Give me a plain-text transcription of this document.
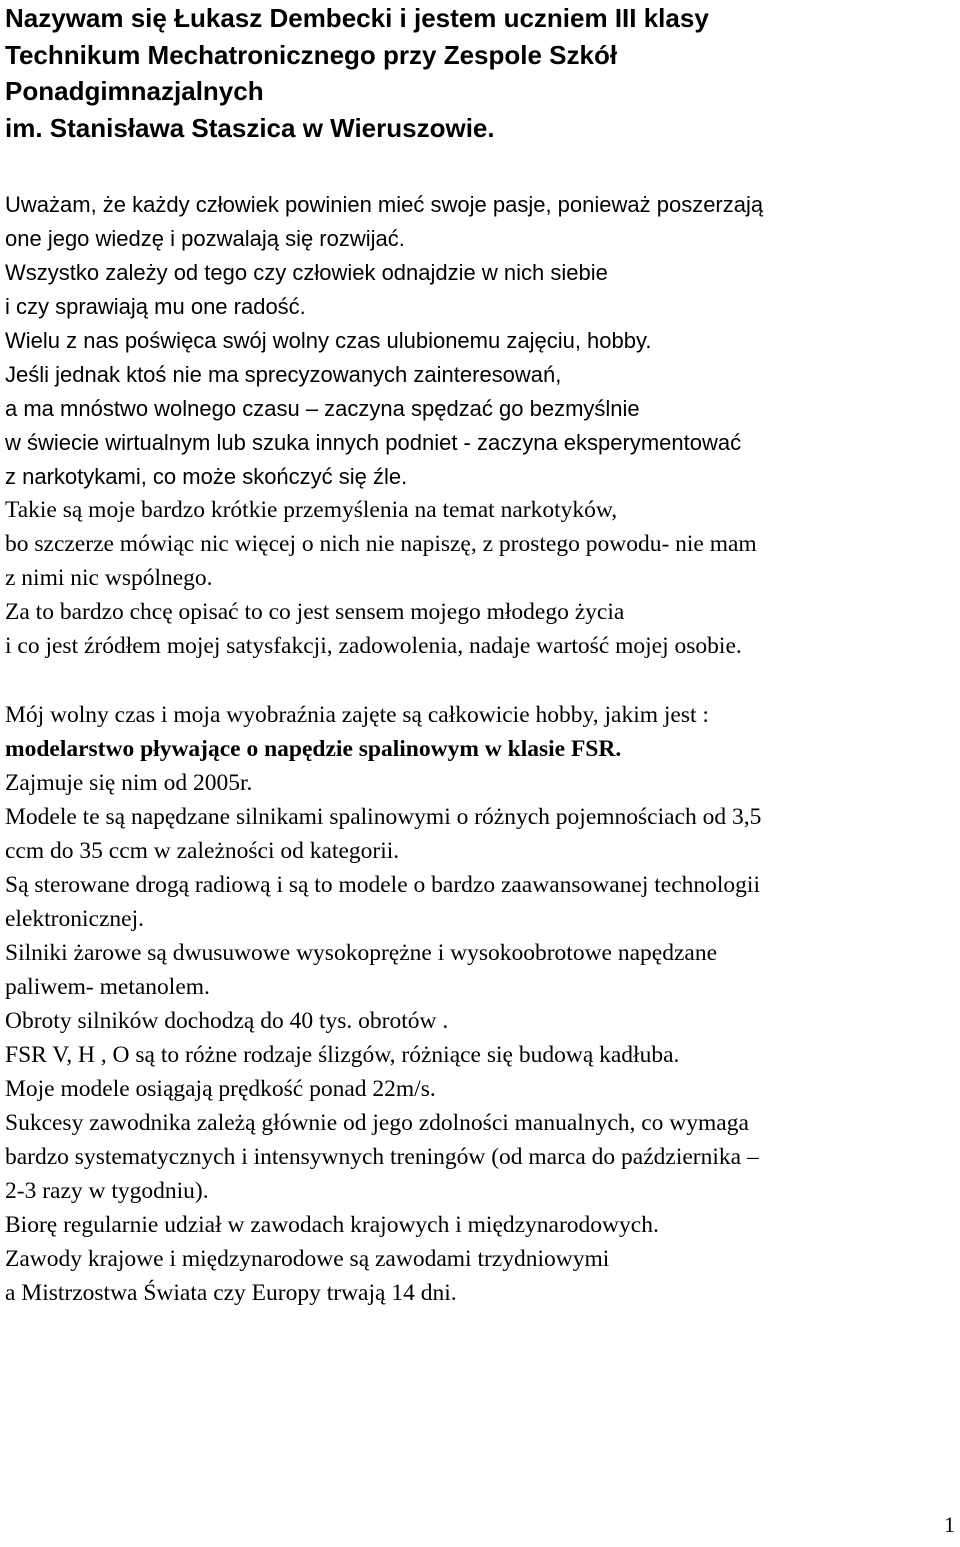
Nazywam się Łukasz Dembecki i jestem uczniem III klasy
Technikum Mechatronicznego przy Zespole Szkół
Ponadgimnazjalnych
im. Stanisława Staszica w Wieruszowie.

Uważam, że każdy człowiek powinien mieć swoje pasje, ponieważ poszerzają

one jego wiedzę i pozwalają się rozwijać.

Wszystko zależy od tego czy człowiek odnajdzie w nich siebie

i czy sprawiają mu one radość.

Wielu z nas poświęca swój wolny czas ulubionemu zajęciu, hobby.

Jeśli jednak ktoś nie ma sprecyzowanych zainteresowań,

a ma mnóstwo wolnego czasu – zaczyna spędzać go bezmyślnie

w świecie wirtualnym lub szuka innych podniet - zaczyna eksperymentować

z narkotykami, co może skończyć się źle.

Takie są moje bardzo krótkie przemyślenia na temat narkotyków,

bo szczerze mówiąc nic więcej o nich nie napiszę, z prostego powodu- nie mam

z nimi nic wspólnego.

Za to bardzo chcę opisać to co jest sensem mojego młodego życia

i co jest źródłem mojej satysfakcji, zadowolenia, nadaje wartość mojej osobie.

Mój wolny czas i moja wyobraźnia zajęte są całkowicie hobby, jakim jest :

modelarstwo pływające o napędzie spalinowym w klasie FSR.

Zajmuje się nim od 2005r.

Modele te są napędzane silnikami spalinowymi o różnych pojemnościach od 3,5

ccm do 35 ccm w zależności od kategorii.

Są sterowane drogą radiową i są to modele o bardzo zaawansowanej technologii

elektronicznej.

Silniki żarowe są dwusuwowe wysokoprężne i wysokoobrotowe napędzane

paliwem- metanolem.

Obroty silników dochodzą do 40 tys. obrotów .

FSR V, H , O są to różne rodzaje ślizgów, różniące się budową kadłuba.

Moje modele osiągają prędkość ponad 22m/s.

Sukcesy zawodnika zależą głównie od jego zdolności manualnych, co wymaga

bardzo systematycznych i intensywnych treningów (od marca do października –

2-3 razy w tygodniu).

Biorę regularnie udział w zawodach krajowych i międzynarodowych.

Zawody krajowe i międzynarodowe są zawodami trzydniowymi

a Mistrzostwa Świata czy Europy trwają 14 dni.

1
